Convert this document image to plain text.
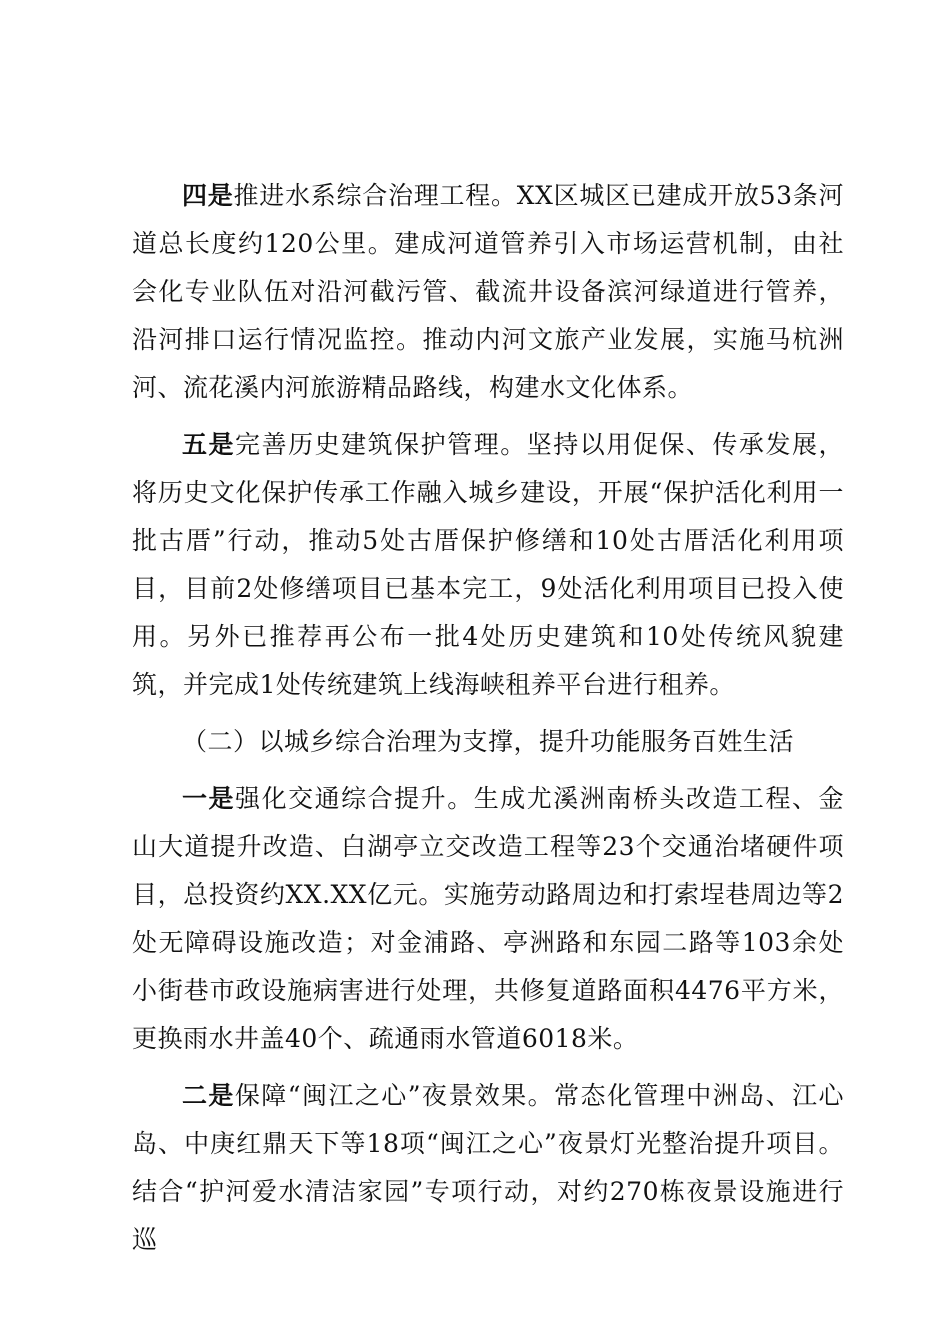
四是推进水系综合治理工程。XX区城区已建成开放53条河道总长度约120公里。建成河道管养引入市场运营机制，由社会化专业队伍对沿河截污管、截流井设备滨河绿道进行管养，沿河排口运行情况监控。推动内河文旅产业发展，实施马杭洲河、流花溪内河旅游精品路线，构建水文化体系。

五是完善历史建筑保护管理。坚持以用促保、传承发展，将历史文化保护传承工作融入城乡建设，开展“保护活化利用一批古厝”行动，推动5处古厝保护修缮和10处古厝活化利用项目，目前2处修缮项目已基本完工，9处活化利用项目已投入使用。另外已推荐再公布一批4处历史建筑和10处传统风貌建筑，并完成1处传统建筑上线海峡租养平台进行租养。

（二）以城乡综合治理为支撑，提升功能服务百姓生活

一是强化交通综合提升。生成尤溪洲南桥头改造工程、金山大道提升改造、白湖亭立交改造工程等23个交通治堵硬件项目，总投资约XX.XX亿元。实施劳动路周边和打索埕巷周边等2处无障碍设施改造；对金浦路、亭洲路和东园二路等103余处小街巷市政设施病害进行处理，共修复道路面积4476平方米，更换雨水井盖40个、疏通雨水管道6018米。

二是保障“闽江之心”夜景效果。常态化管理中洲岛、江心岛、中庚红鼎天下等18项“闽江之心”夜景灯光整治提升项目。结合“护河爱水清洁家园”专项行动，对约270栋夜景设施进行巡
